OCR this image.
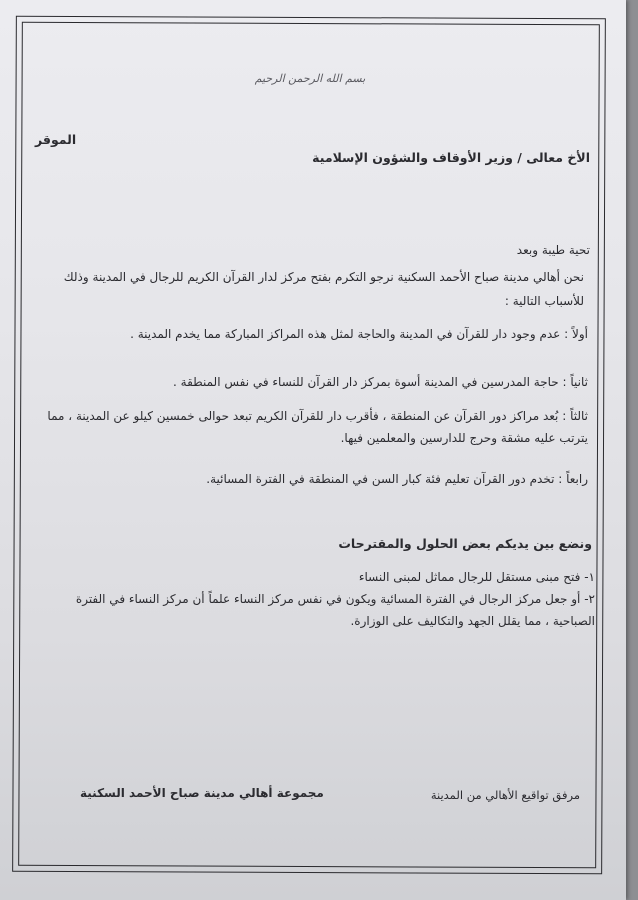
بسم الله الرحمن الرحيم
الموقر
الأخ معالى / وزير الأوقاف والشؤون الإسلامية
تحية طيبة وبعد
نحن أهالي مدينة صباح الأحمد السكنية نرجو التكرم بفتح مركز لدار القرآن الكريم للرجال في المدينة وذلك للأسباب التالية :
أولاً : عدم وجود دار للقرآن في المدينة والحاجة لمثل هذه المراكز المباركة مما يخدم المدينة .
ثانياً : حاجة المدرسين في المدينة أسوة بمركز دار القرآن للنساء في نفس المنطقة .
ثالثاً : بُعد مراكز دور القرآن عن المنطقة ، فأقرب دار للقرآن الكريم تبعد حوالى خمسين كيلو عن المدينة ، مما يترتب عليه مشقة وحرج للدارسين والمعلمين فيها.
رابعاً : تخدم دور القرآن تعليم فئة كبار السن في المنطقة في الفترة المسائية.
ونضع بين يديكم بعض الحلول والمقترحات

١- فتح مبنى مستقل للرجال مماثل لمبنى النساء

٢- أو جعل مركز الرجال في الفترة المسائية ويكون في نفس مركز النساء علماً أن مركز النساء في الفترة الصباحية ، مما يقلل الجهد والتكاليف على الوزارة.

مرفق تواقيع الأهالي من المدينة
مجموعة أهالي مدينة صباح الأحمد السكنية
